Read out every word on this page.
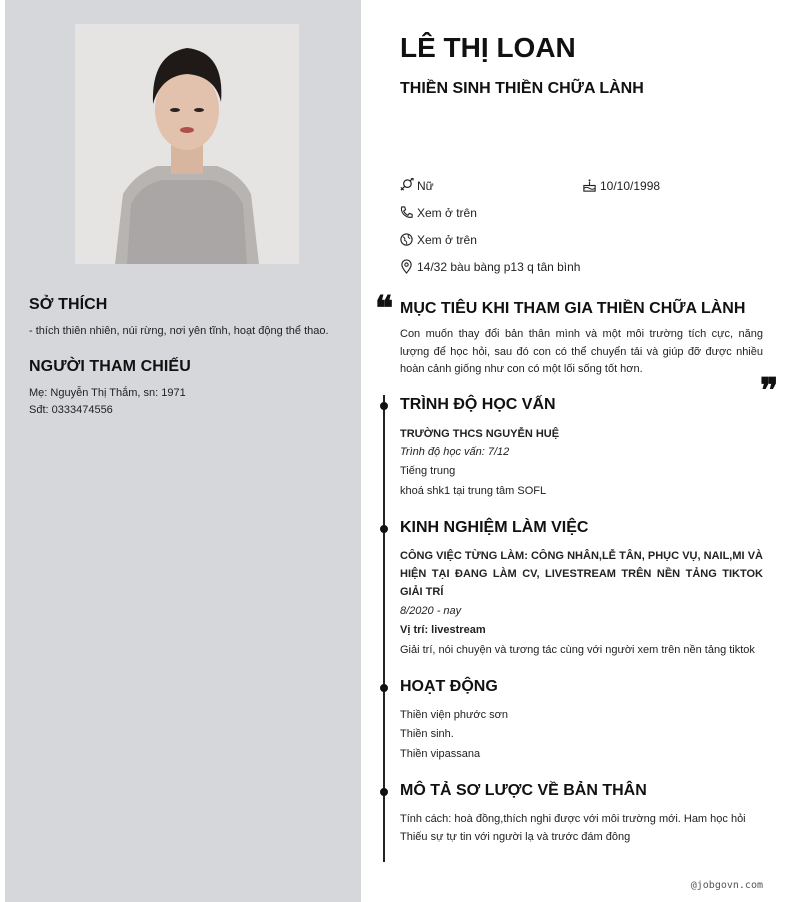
SỞ THÍCH
- thích thiên nhiên, núi rừng, nơi yên tĩnh, hoạt động thể thao.
NGƯỜI THAM CHIẾU
Mẹ: Nguyễn Thị Thắm, sn: 1971
Sđt: 0333474556
LÊ THỊ LOAN
THIỀN SINH THIỀN CHỮA LÀNH
Nữ	10/10/1998
Xem ở trên
Xem ở trên
14/32 bàu bàng p13 q tân bình
❝ MỤC TIÊU KHI THAM GIA THIỀN CHỮA LÀNH
Con muốn thay đổi bản thân mình và một môi trường tích cực, năng lượng để học hỏi, sau đó con có thể chuyển tải và giúp đỡ được nhiều hoàn cảnh giống như con có một lối sống tốt hơn.
❞
TRÌNH ĐỘ HỌC VẤN
TRƯỜNG THCS NGUYỄN HUỆ
Trình độ học vấn: 7/12
Tiếng trung
khoá shk1 tại trung tâm SOFL
KINH NGHIỆM LÀM VIỆC
CÔNG VIỆC TỪNG LÀM: CÔNG NHÂN,LỄ TÂN, PHỤC VỤ, NAIL,MI VÀ HIỆN TẠI ĐANG LÀM CV, LIVESTREAM TRÊN NỀN TẢNG TIKTOK GIẢI TRÍ
8/2020 - nay
Vị trí: livestream
Giải trí, nói chuyện và tương tác cùng với người xem trên nền tảng tiktok
HOẠT ĐỘNG
Thiền viện phước sơn
Thiền sinh.
Thiền vipassana
MÔ TẢ SƠ LƯỢC VỀ BẢN THÂN
Tính cách: hoà đồng,thích nghi được với môi trường mới. Ham học hỏi
Thiếu sự tự tin với người lạ và trước đám đông
@jobgovn.com
